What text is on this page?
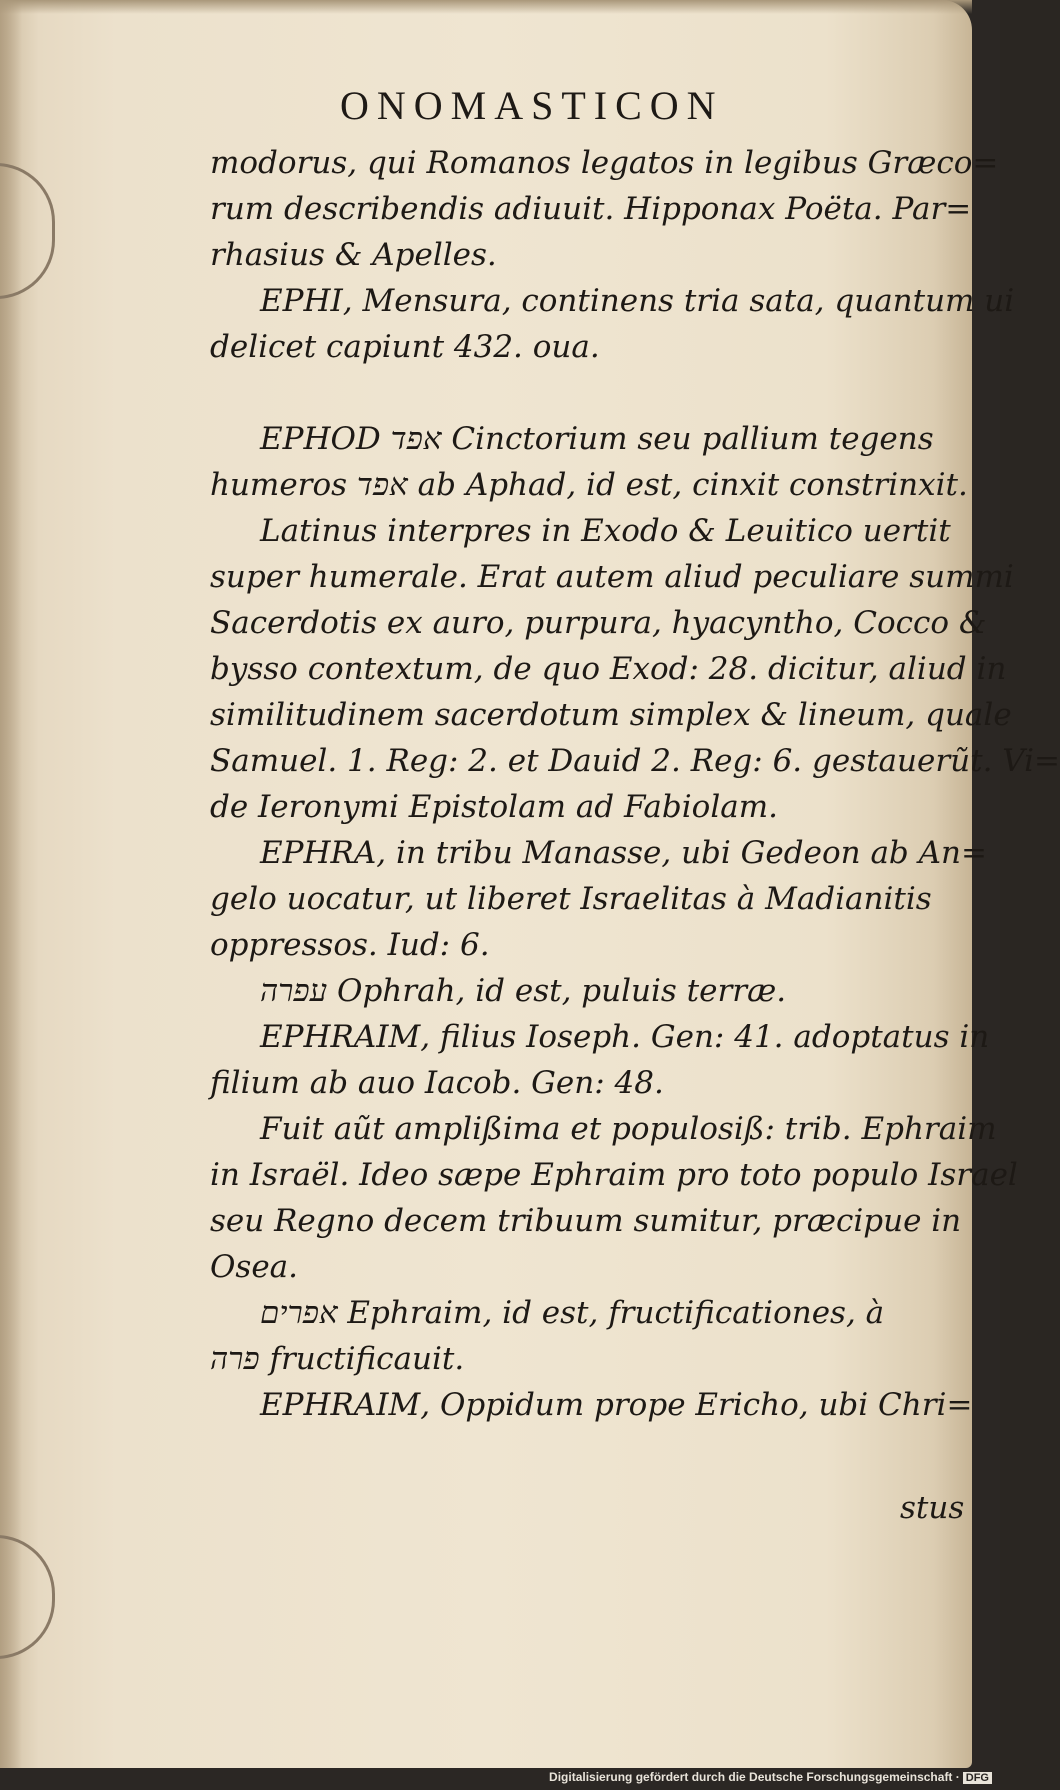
ONOMASTICON
modorus, qui Romanos legatos in legibus Græco=
rum describendis adiuuit. Hipponax Poëta. Par=
rhasius & Apelles.
EPHI, Mensura, continens tria sata, quantum ui
delicet capiunt 432. oua.
EPHOD אפד Cinctorium seu pallium tegens
humeros אפד ab Aphad, id est, cinxit constrinxit.
Latinus interpres in Exodo & Leuitico uertit
super humerale. Erat autem aliud peculiare summi
Sacerdotis ex auro, purpura, hyacyntho, Cocco &
bysso contextum, de quo Exod: 28. dicitur, aliud in
similitudinem sacerdotum simplex & lineum, quale
Samuel. 1. Reg: 2. et Dauid 2. Reg: 6. gestauerũt. Vi=
de Ieronymi Epistolam ad Fabiolam.
EPHRA, in tribu Manasse, ubi Gedeon ab An=
gelo uocatur, ut liberet Israelitas à Madianitis
oppressos. Iud: 6.
עפרה Ophrah, id est, puluis terræ.
EPHRAIM, filius Ioseph. Gen: 41. adoptatus in
filium ab auo Iacob. Gen: 48.
Fuit aũt amplißima et populosiß: trib. Ephraim
in Israël. Ideo sæpe Ephraim pro toto populo Israel
seu Regno decem tribuum sumitur, præcipue in
Osea.
אפרים Ephraim, id est, fructificationes, à
פרה fructificauit.
EPHRAIM, Oppidum prope Ericho, ubi Chri=
stus
Digitalisierung gefördert durch die Deutsche Forschungsgemeinschaft · DFG
